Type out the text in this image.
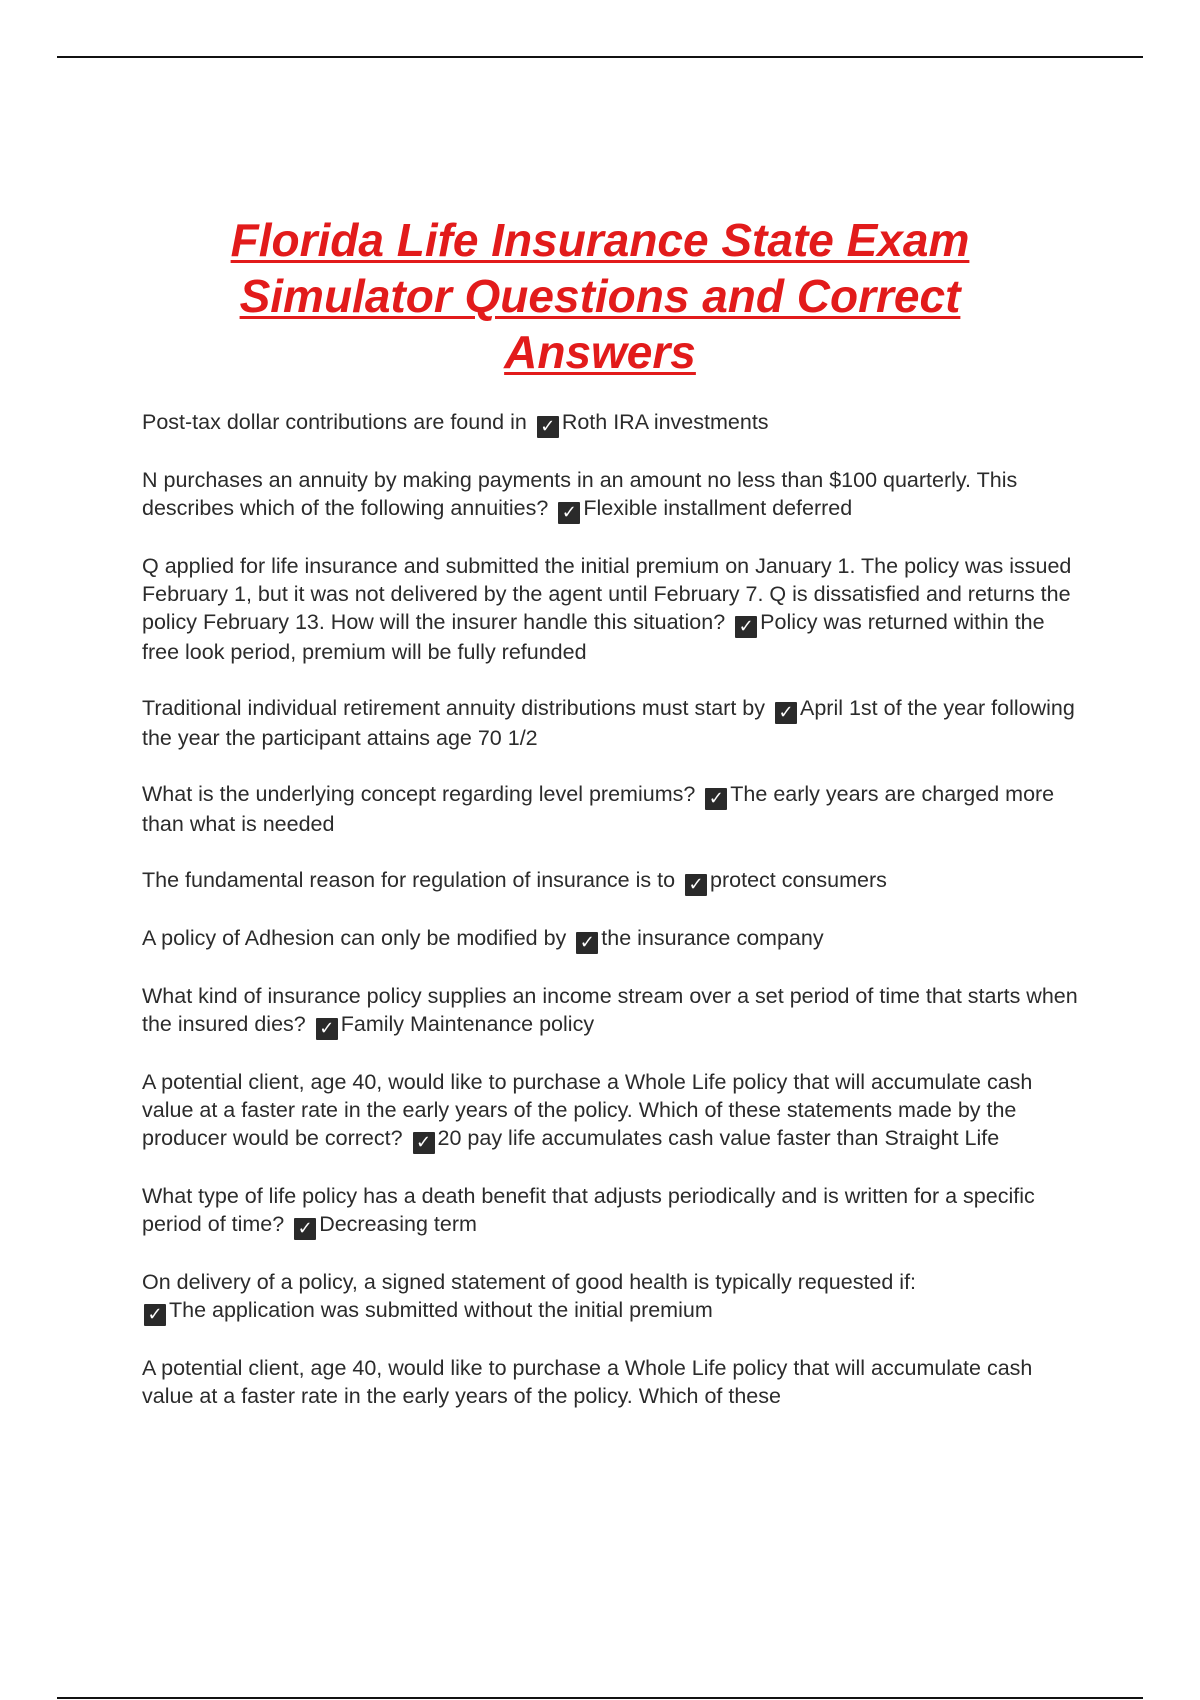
Florida Life Insurance State Exam Simulator Questions and Correct Answers
Post-tax dollar contributions are found in ✓ Roth IRA investments
N purchases an annuity by making payments in an amount no less than $100 quarterly. This describes which of the following annuities? ✓ Flexible installment deferred
Q applied for life insurance and submitted the initial premium on January 1. The policy was issued February 1, but it was not delivered by the agent until February 7. Q is dissatisfied and returns the policy February 13. How will the insurer handle this situation? ✓ Policy was returned within the free look period, premium will be fully refunded
Traditional individual retirement annuity distributions must start by ✓ April 1st of the year following the year the participant attains age 70 1/2
What is the underlying concept regarding level premiums? ✓ The early years are charged more than what is needed
The fundamental reason for regulation of insurance is to ✓ protect consumers
A policy of Adhesion can only be modified by ✓ the insurance company
What kind of insurance policy supplies an income stream over a set period of time that starts when the insured dies? ✓ Family Maintenance policy
A potential client, age 40, would like to purchase a Whole Life policy that will accumulate cash value at a faster rate in the early years of the policy. Which of these statements made by the producer would be correct? ✓ 20 pay life accumulates cash value faster than Straight Life
What type of life policy has a death benefit that adjusts periodically and is written for a specific period of time? ✓ Decreasing term
On delivery of a policy, a signed statement of good health is typically requested if:
✓ The application was submitted without the initial premium
A potential client, age 40, would like to purchase a Whole Life policy that will accumulate cash value at a faster rate in the early years of the policy. Which of these
